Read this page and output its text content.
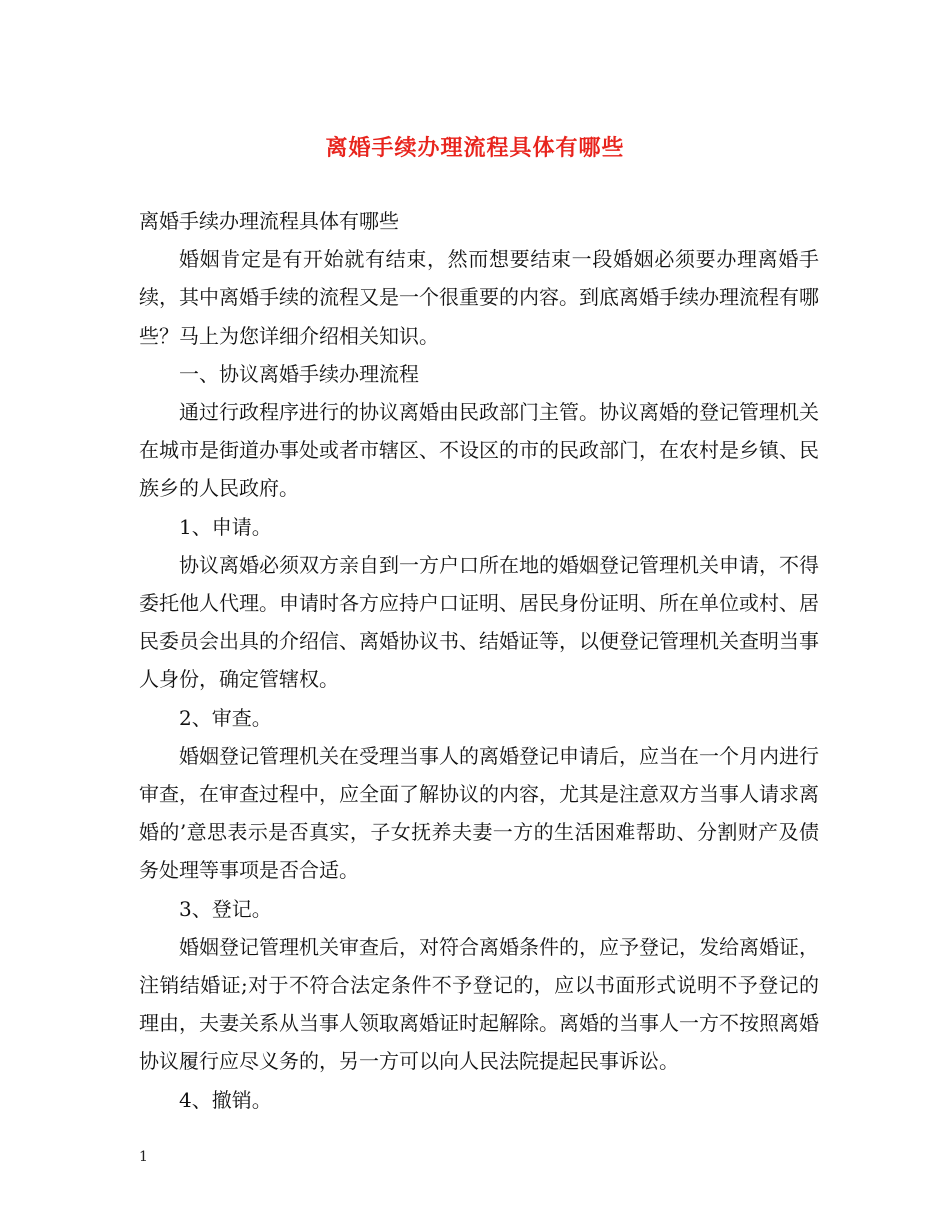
离婚手续办理流程具体有哪些

离婚手续办理流程具体有哪些

婚姻肯定是有开始就有结束，然而想要结束一段婚姻必须要办理离婚手续，其中离婚手续的流程又是一个很重要的内容。到底离婚手续办理流程有哪些？马上为您详细介绍相关知识。

一、协议离婚手续办理流程

通过行政程序进行的协议离婚由民政部门主管。协议离婚的登记管理机关在城市是街道办事处或者市辖区、不设区的市的民政部门，在农村是乡镇、民族乡的人民政府。

1、申请。

协议离婚必须双方亲自到一方户口所在地的婚姻登记管理机关申请，不得委托他人代理。申请时各方应持户口证明、居民身份证明、所在单位或村、居民委员会出具的介绍信、离婚协议书、结婚证等，以便登记管理机关查明当事人身份，确定管辖权。

2、审查。

婚姻登记管理机关在受理当事人的离婚登记申请后，应当在一个月内进行审查，在审查过程中，应全面了解协议的内容，尤其是注意双方当事人请求离婚的’意思表示是否真实，子女抚养夫妻一方的生活困难帮助、分割财产及债务处理等事项是否合适。

3、登记。

婚姻登记管理机关审查后，对符合离婚条件的，应予登记，发给离婚证，注销结婚证;对于不符合法定条件不予登记的，应以书面形式说明不予登记的理由，夫妻关系从当事人领取离婚证时起解除。离婚的当事人一方不按照离婚协议履行应尽义务的，另一方可以向人民法院提起民事诉讼。

4、撤销。

1
